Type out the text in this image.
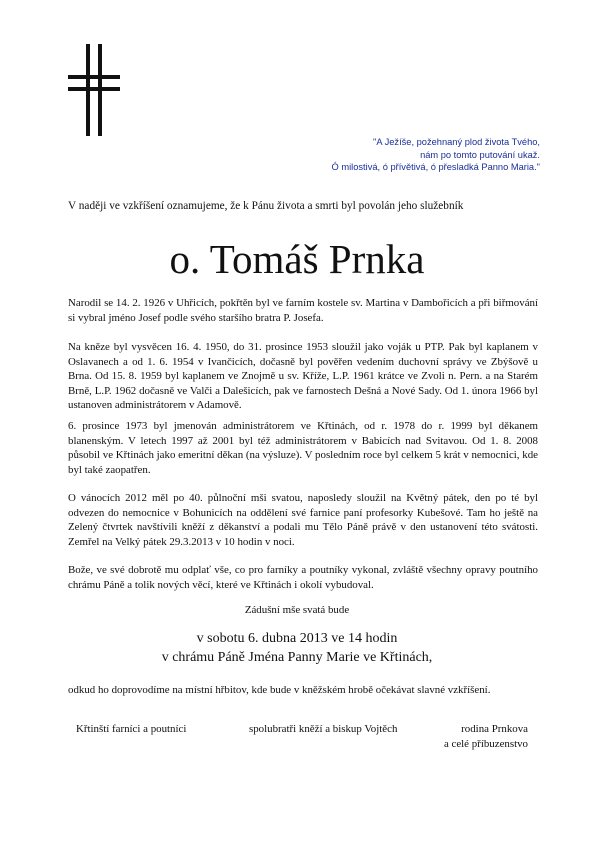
"A Ježíše, požehnaný plod života Tvého,
nám po tomto putování ukaž.
Ó milostivá, ó přívětivá, ó přesladká Panno Maria."
V naději ve vzkříšení oznamujeme, že k Pánu života a smrti byl povolán jeho služebník
o. Tomáš Prnka
Narodil se 14. 2. 1926 v Uhřicích, pokřtěn byl ve farním kostele sv. Martina v Dambořicích a při biřmování si vybral jméno Josef podle svého staršího bratra P. Josefa.
Na kněze byl vysvěcen 16. 4. 1950, do 31. prosince 1953 sloužil jako voják u PTP. Pak byl kaplanem v Oslavanech a od 1. 6. 1954 v Ivančicích, dočasně byl pověřen vedením duchovní správy ve Zbýšově u Brna. Od 15. 8. 1959 byl kaplanem ve Znojmě u sv. Kříže, L.P. 1961 krátce ve Zvoli n. Pern. a na Starém Brně, L.P. 1962 dočasně ve Valči a Dalešicích, pak ve farnostech Dešná a Nové Sady. Od 1. února 1966 byl ustanoven administrátorem v Adamově.
6. prosince 1973 byl jmenován administrátorem ve Křtinách, od r. 1978 do r. 1999 byl děkanem blanenským. V letech 1997 až 2001 byl též administrátorem v Babicích nad Svitavou. Od 1. 8. 2008 působil ve Křtinách jako emeritní děkan (na výsluze). V posledním roce byl celkem 5 krát v nemocnici, kde byl také zaopatřen.
O vánocích 2012 měl po 40. půlnoční mši svatou, naposledy sloužil na Květný pátek, den po té byl odvezen do nemocnice v Bohunicích na oddělení své farnice paní profesorky Kubešové. Tam ho ještě na Zelený čtvrtek navštívili kněží z děkanství a podali mu Tělo Páně právě v den ustanovení této svátosti. Zemřel na Velký pátek 29.3.2013 v 10 hodin v noci.
Bože, ve své dobrotě mu odplať vše, co pro farníky a poutníky vykonal, zvláště všechny opravy poutního chrámu Páně a tolik nových věcí, které ve Křtinách i okolí vybudoval.
Zádušní mše svatá bude
v sobotu 6. dubna 2013 ve 14 hodin
v chrámu Páně Jména Panny Marie ve Křtinách,
odkud ho doprovodíme na místní hřbitov, kde bude v kněžském hrobě očekávat slavné vzkříšení.
Křtinští farníci a poutníci	spolubratři kněží a biskup Vojtěch	rodina Prnkova
a celé příbuzenstvo
